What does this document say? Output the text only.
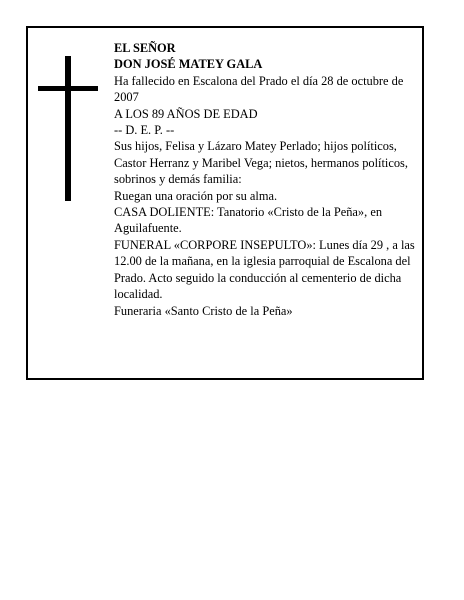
EL SEÑOR
DON JOSÉ MATEY GALA
Ha fallecido en Escalona del Prado el día 28 de octubre de 2007
A LOS 89 AÑOS DE EDAD
-- D. E. P. --
Sus hijos, Felisa y Lázaro Matey Perlado; hijos políticos, Castor Herranz y Maribel Vega; nietos, hermanos políticos, sobrinos y demás familia:
Ruegan una oración por su alma.
CASA DOLIENTE: Tanatorio «Cristo de la Peña», en Aguilafuente.
FUNERAL «CORPORE INSEPULTO»: Lunes día 29 , a las 12.00 de la mañana, en la iglesia parroquial de Escalona del Prado. Acto seguido la conducción al cementerio de dicha localidad.
Funeraria «Santo Cristo de la Peña»
